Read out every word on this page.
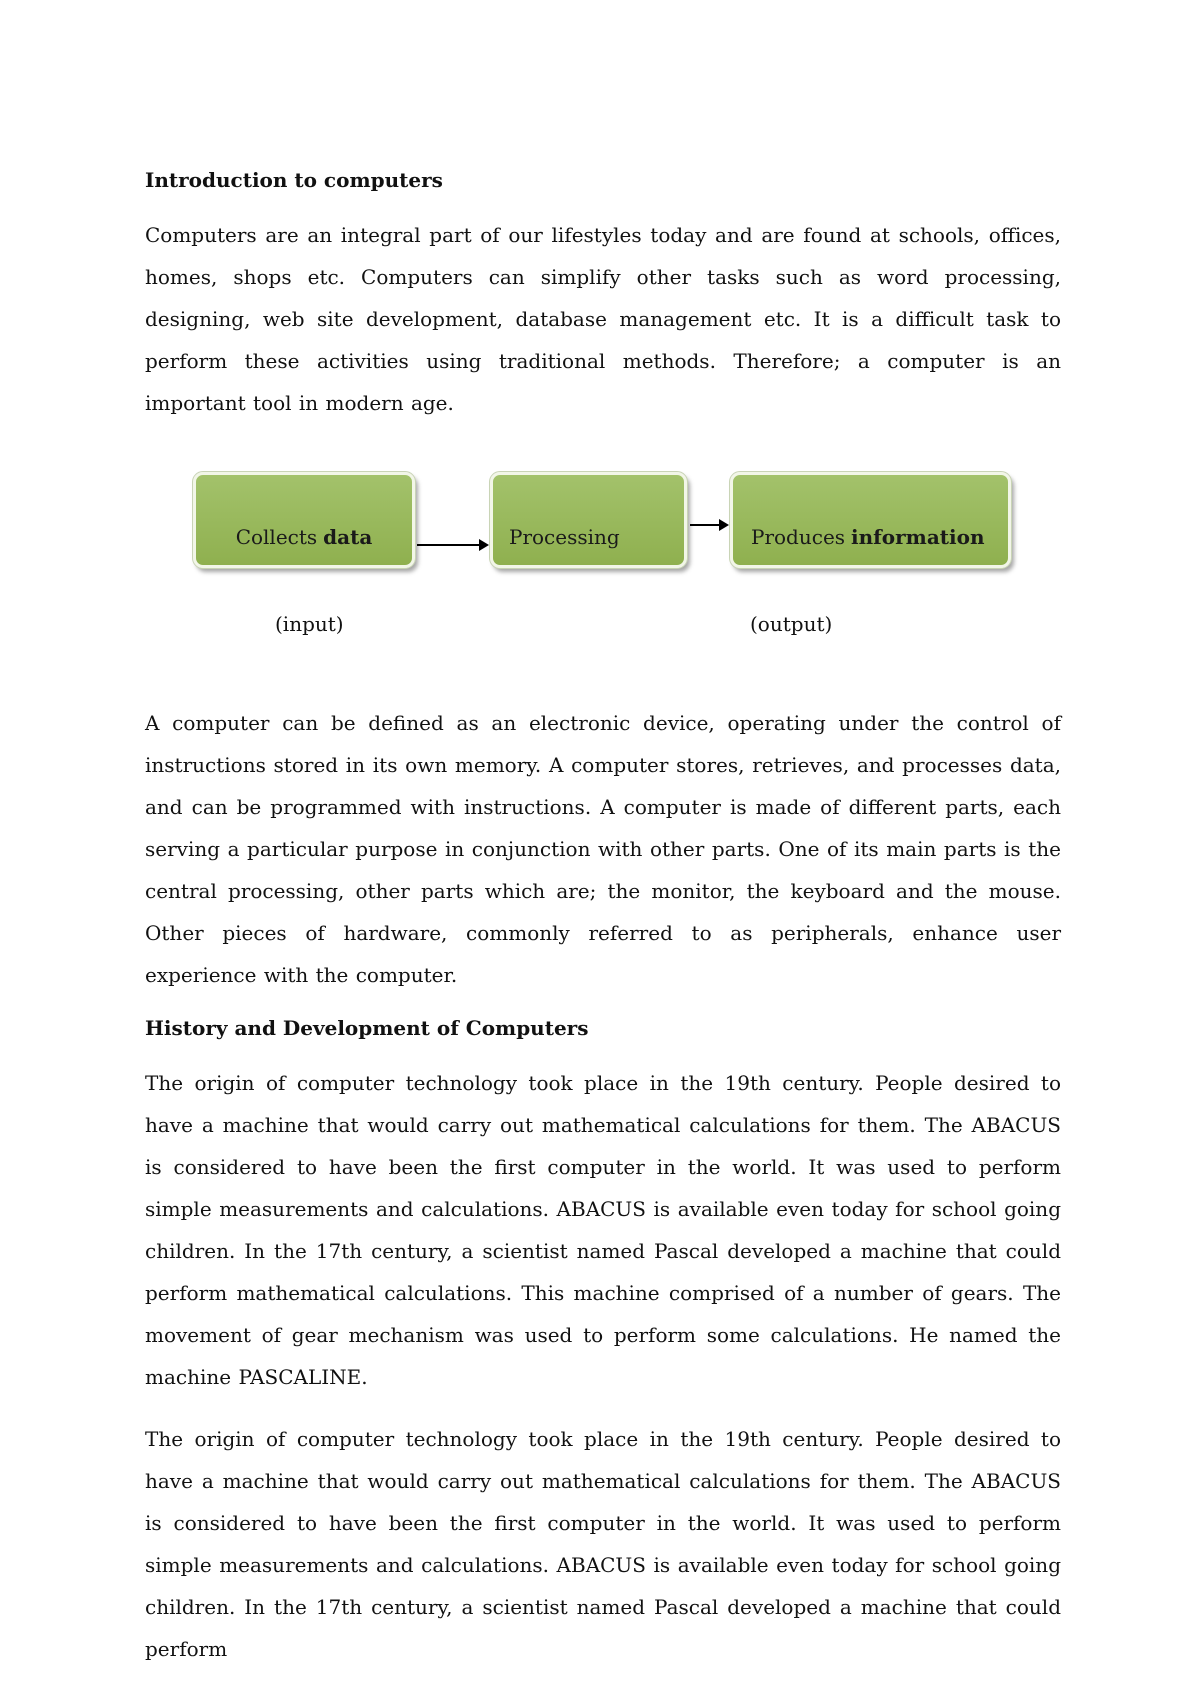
Introduction to computers

Computers are an integral part of our lifestyles today and are found at schools, offices, homes, shops etc. Computers can simplify other tasks such as word processing, designing, web site development, database management etc. It is a difficult task to perform these activities using traditional methods. Therefore; a computer is an important tool in modern age.

Collects data	Processing	Produces information
(input)	(output)

A computer can be defined as an electronic device, operating under the control of instructions stored in its own memory. A computer stores, retrieves, and processes data, and can be programmed with instructions. A computer is made of different parts, each serving a particular purpose in conjunction with other parts. One of its main parts is the central processing, other parts which are; the monitor, the keyboard and the mouse. Other pieces of hardware, commonly referred to as peripherals, enhance user experience with the computer.

History and Development of Computers

The origin of computer technology took place in the 19th century. People desired to have a machine that would carry out mathematical calculations for them. The ABACUS is considered to have been the first computer in the world. It was used to perform simple measurements and calculations. ABACUS is available even today for school going children. In the 17th century, a scientist named Pascal developed a machine that could perform mathematical calculations. This machine comprised of a number of gears. The movement of gear mechanism was used to perform some calculations. He named the machine PASCALINE.

The origin of computer technology took place in the 19th century. People desired to have a machine that would carry out mathematical calculations for them. The ABACUS is considered to have been the first computer in the world. It was used to perform simple measurements and calculations. ABACUS is available even today for school going children. In the 17th century, a scientist named Pascal developed a machine that could perform
